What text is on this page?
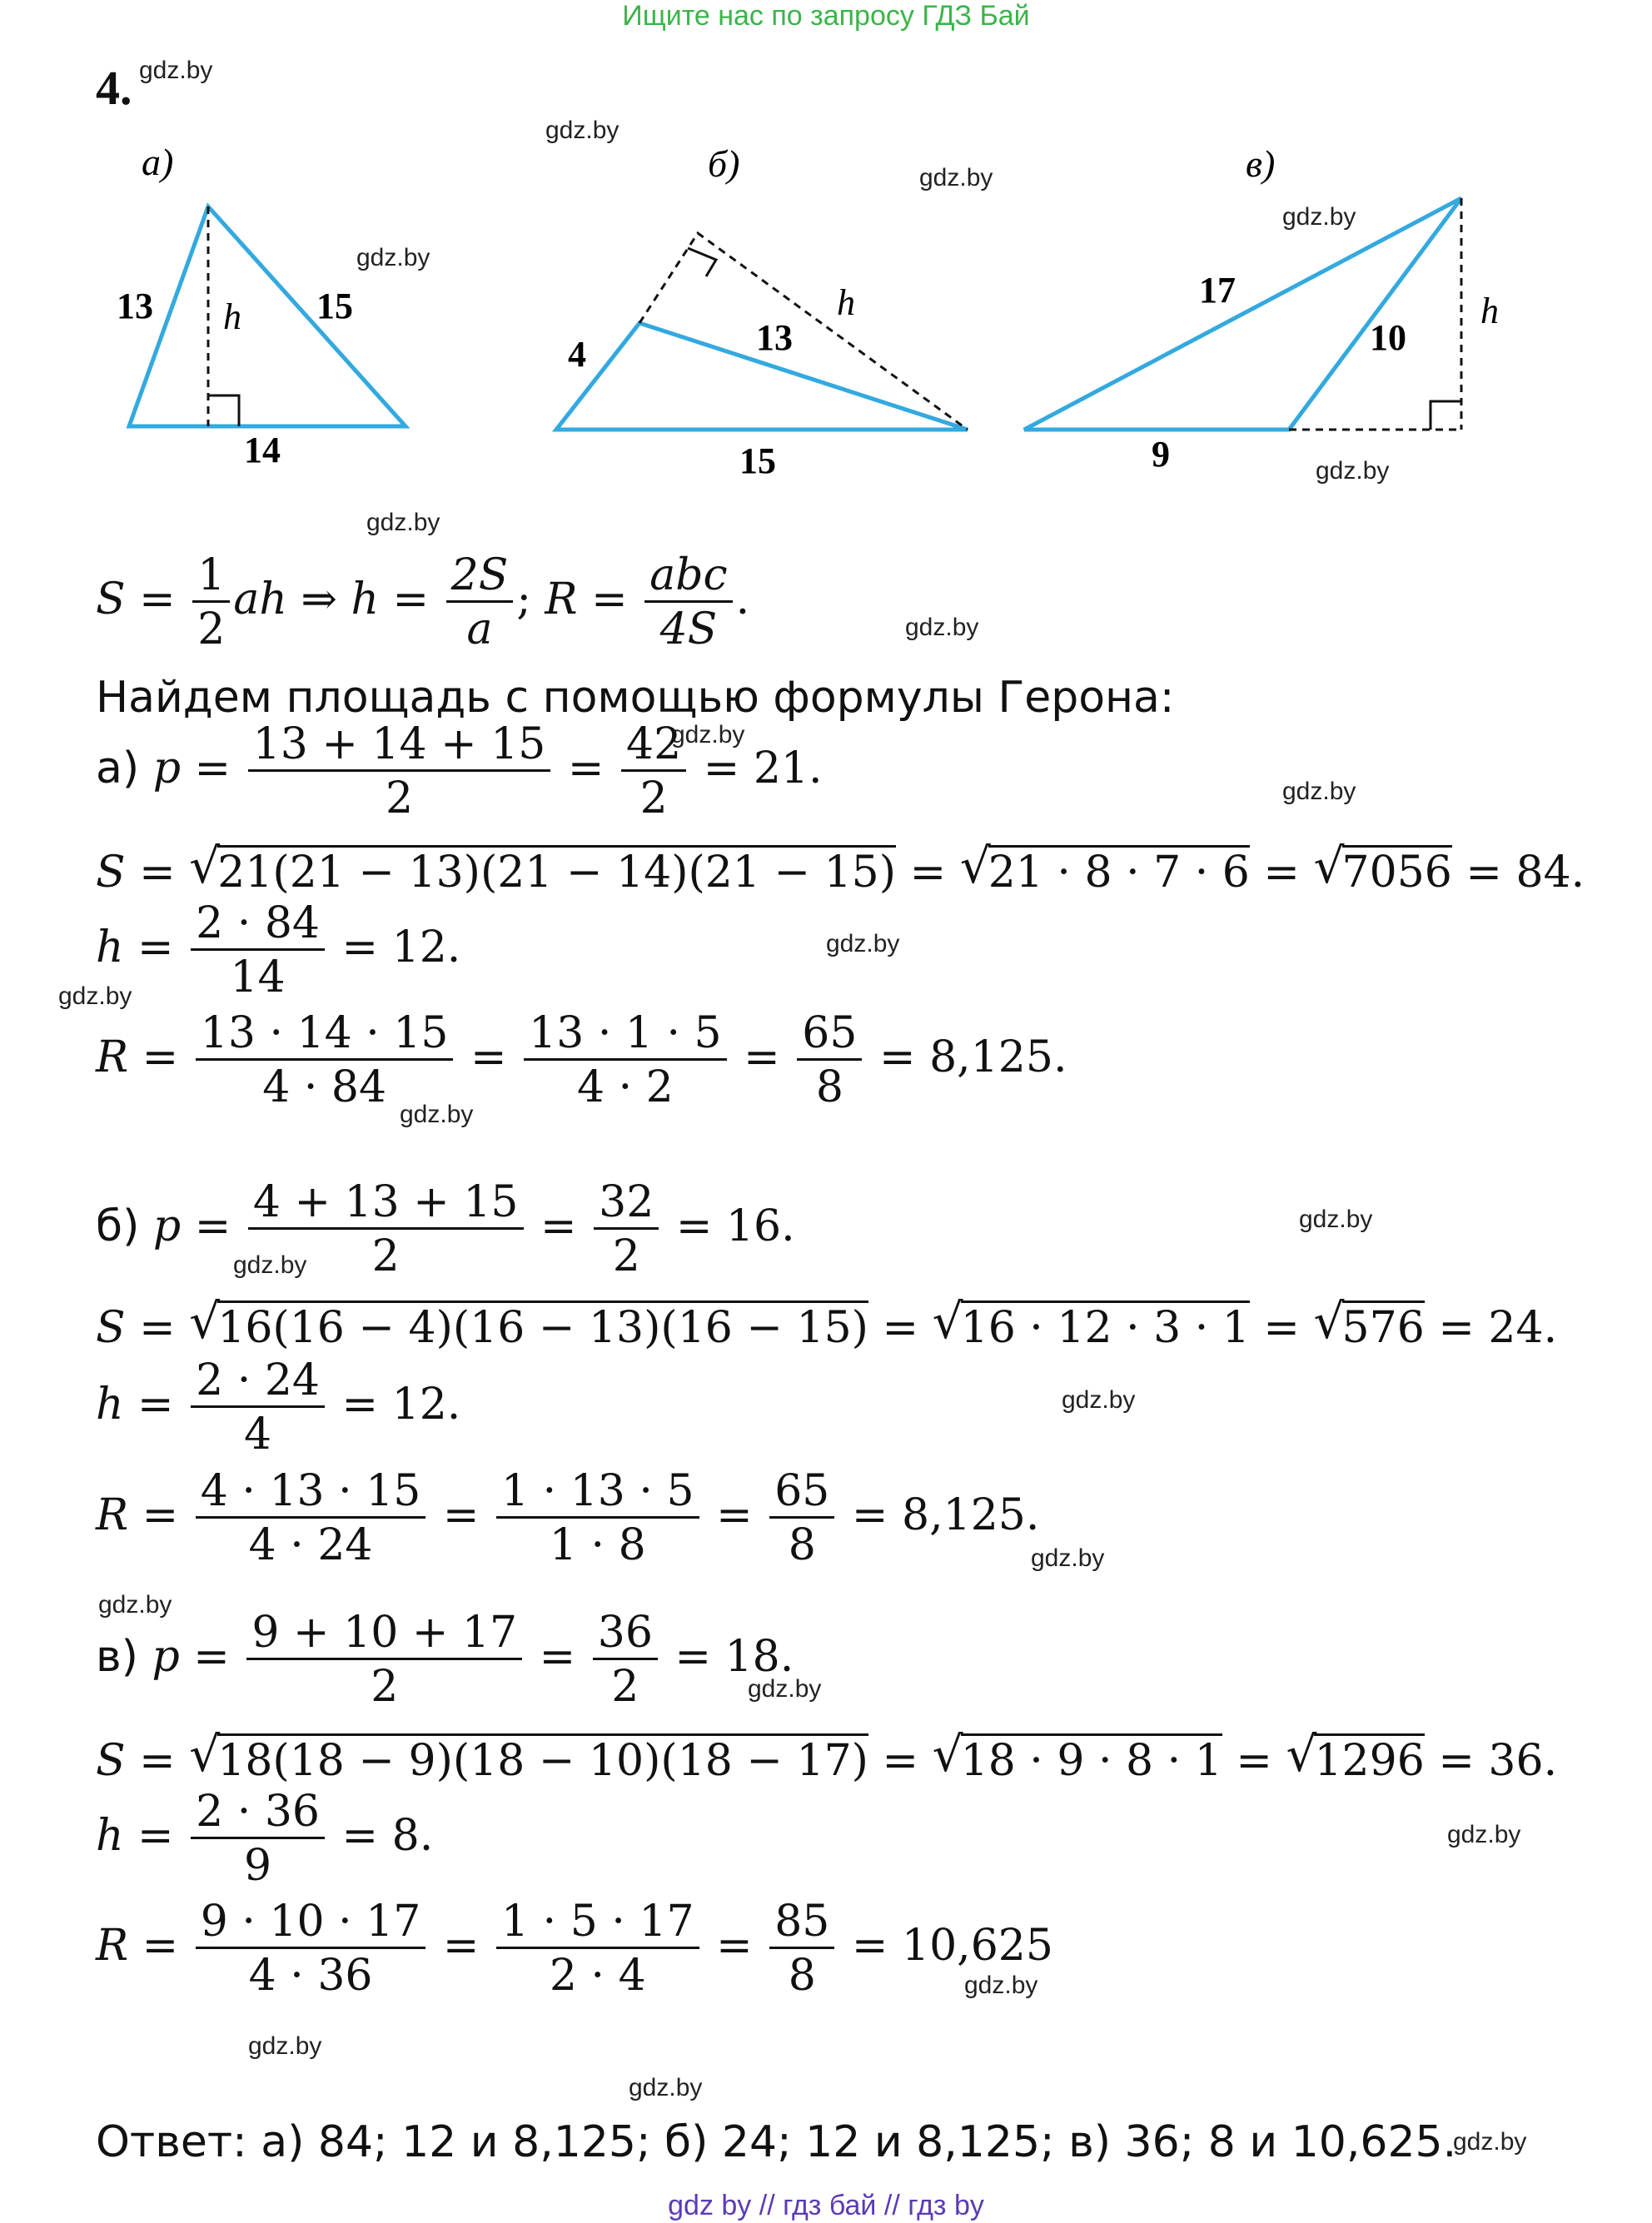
Ищите нас по запросу ГДЗ Бай
4. gdz.by
gdz.by
gdz.by
gdz.by
gdz.by
gdz.by
gdz.by
gdz.by
gdz.by
gdz.by
gdz.by
gdz.by
gdz.by
gdz.by
gdz.by
gdz.by
gdz.by
gdz.by
gdz.by
gdz.by
gdz.by
gdz.by
gdz.by
gdz.by
а)
13	15
14
h
б)
4	13
15
h
в)
17
10
9
h
$S = \frac{1}{2}$ ah ⇒ $h = \frac{2S}{a}$ ; $R = \frac{\text{abc}}{4S}$ .
Найдем площадь с помощью формулы Герона:
а) $p = \frac{13 + 14 + 15}{2} = \frac{42}{2} = 21$.
S = √ 21(21 − 13)(21 − 14)(21 − 15) = √ 21 · 8 · 7 · 6 = √ 7056 = 84.
$h = \frac{2 \cdot 84}{14} = 12$.
$R = \frac{13 \cdot 14 \cdot 15}{4 \cdot 84} = \frac{13 \cdot 1 \cdot 5}{4 \cdot 2} = \frac{65}{8} = 8,125$.
б) $p = \frac{4 + 13 + 15}{2} = \frac{32}{2} = 16$.
S = √ 16(16 − 4)(16 − 13)(16 − 15) = √ 16 · 12 · 3 · 1 = √ 576 = 24.
$h = \frac{2 \cdot 24}{4} = 12$.
$R = \frac{4 \cdot 13 \cdot 15}{4 \cdot 24} = \frac{1 \cdot 13 \cdot 5}{1 \cdot 8} = \frac{65}{8} = 8,125$.
в) $p = \frac{9 + 10 + 17}{2} = \frac{36}{2} = 18$.
S = √ 18(18 − 9)(18 − 10)(18 − 17) = √ 18 · 9 · 8 · 1 = √ 1296 = 36.
$h = \frac{2 \cdot 36}{9} = 8$.
$R = \frac{9 \cdot 10 \cdot 17}{4 \cdot 36} = \frac{1 \cdot 5 \cdot 17}{2 \cdot 4} = \frac{85}{8} = 10,625$
Ответ: а) 84; 12 и 8,125; б) 24; 12 и 8,125; в) 36; 8 и 10,625.
gdz by // гдз бай // гдз by
